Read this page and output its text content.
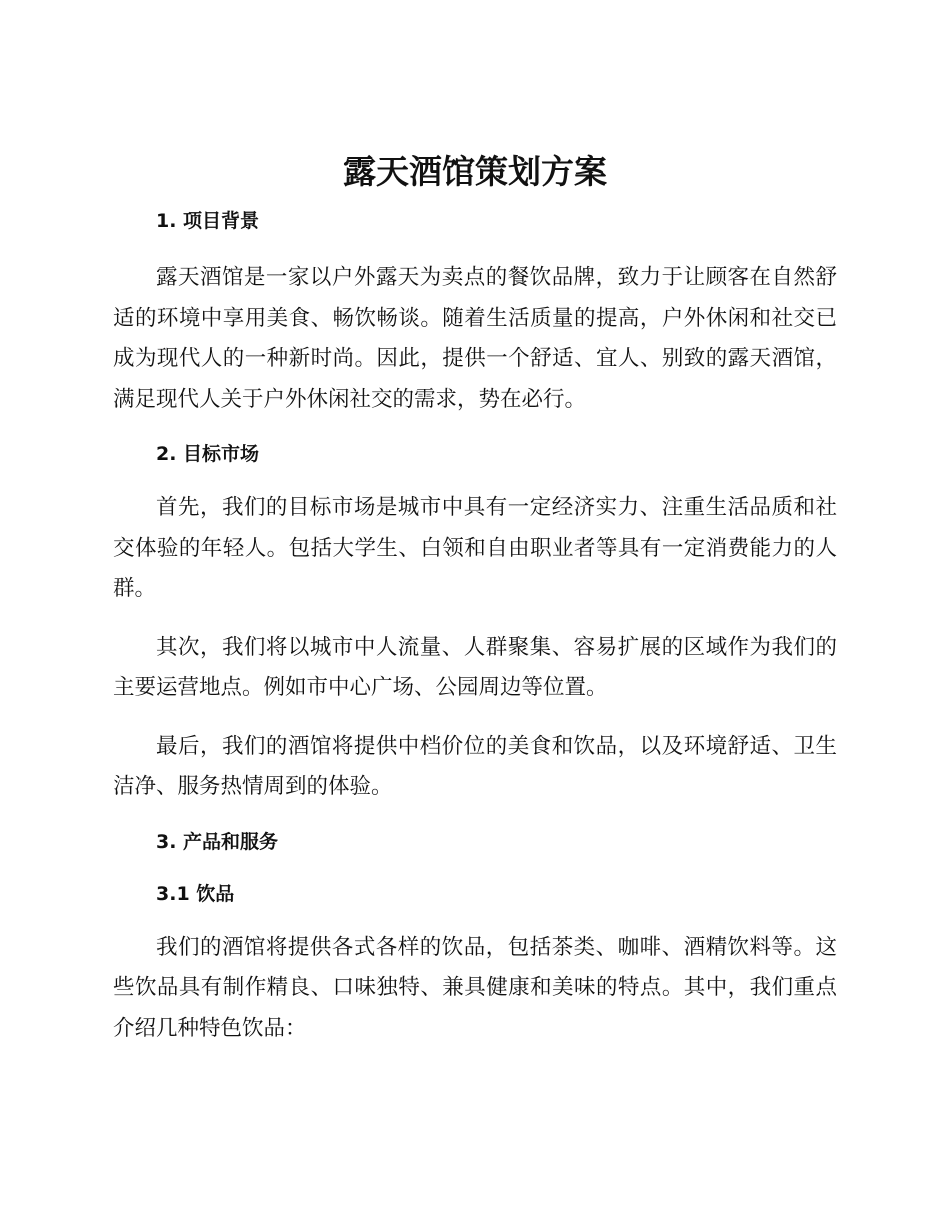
露天酒馆策划方案
1. 项目背景

露天酒馆是一家以户外露天为卖点的餐饮品牌，致力于让顾客在自然舒适的环境中享用美食、畅饮畅谈。随着生活质量的提高，户外休闲和社交已成为现代人的一种新时尚。因此，提供一个舒适、宜人、别致的露天酒馆，满足现代人关于户外休闲社交的需求，势在必行。

2. 目标市场

首先，我们的目标市场是城市中具有一定经济实力、注重生活品质和社交体验的年轻人。包括大学生、白领和自由职业者等具有一定消费能力的人群。

其次，我们将以城市中人流量、人群聚集、容易扩展的区域作为我们的主要运营地点。例如市中心广场、公园周边等位置。

最后，我们的酒馆将提供中档价位的美食和饮品，以及环境舒适、卫生洁净、服务热情周到的体验。

3. 产品和服务
3.1 饮品

我们的酒馆将提供各式各样的饮品，包括茶类、咖啡、酒精饮料等。这些饮品具有制作精良、口味独特、兼具健康和美味的特点。其中，我们重点介绍几种特色饮品：
